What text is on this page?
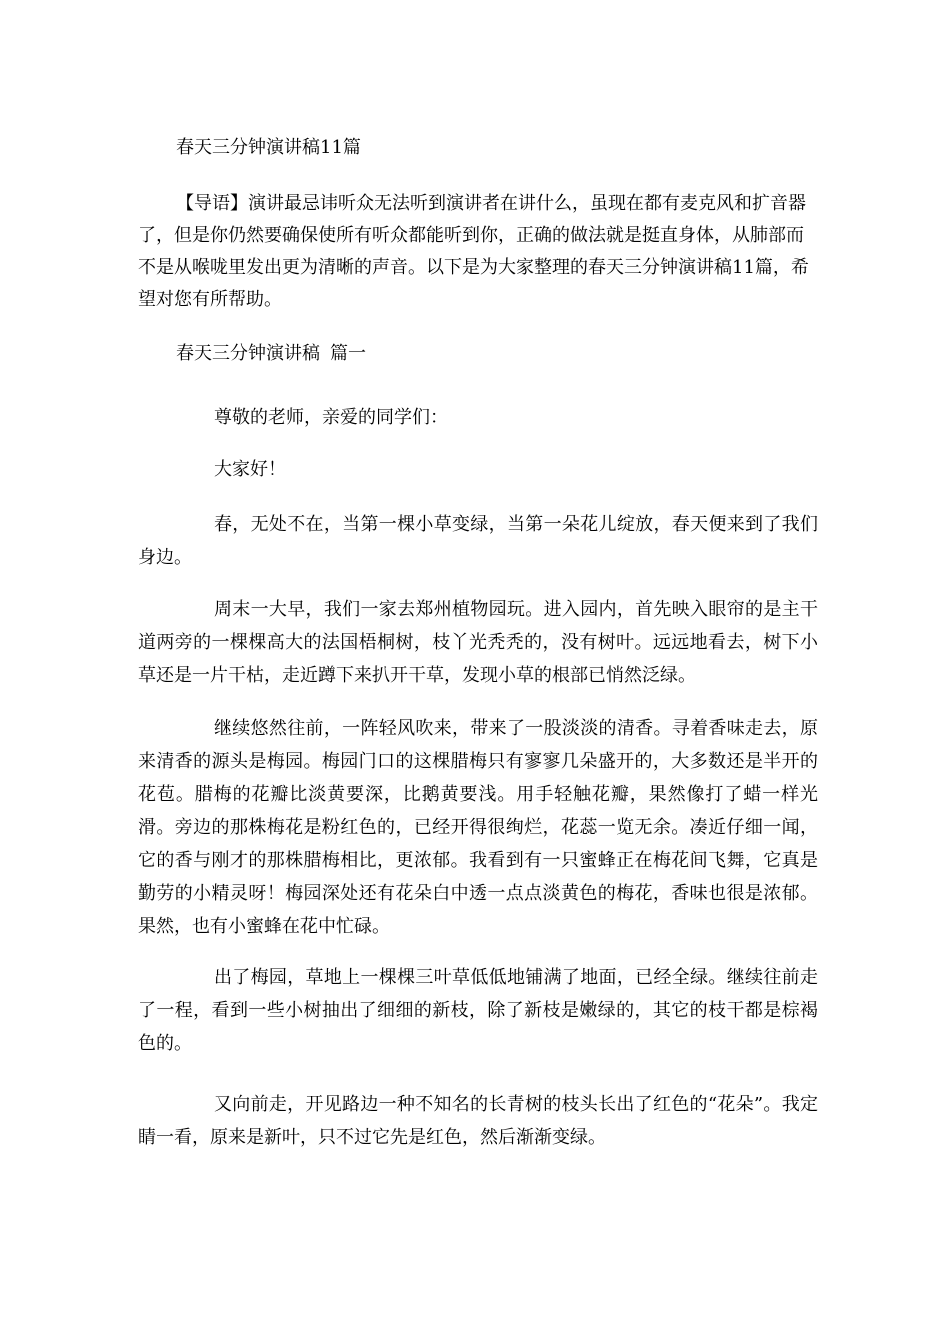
春天三分钟演讲稿11篇
【导语】演讲最忌讳听众无法听到演讲者在讲什么，虽现在都有麦克风和扩音器了，但是你仍然要确保使所有听众都能听到你，正确的做法就是挺直身体，从肺部而不是从喉咙里发出更为清晰的声音。以下是为大家整理的春天三分钟演讲稿11篇，希望对您有所帮助。
春天三分钟演讲稿 篇一
尊敬的老师，亲爱的同学们：
大家好！
春，无处不在，当第一棵小草变绿，当第一朵花儿绽放，春天便来到了我们身边。
周末一大早，我们一家去郑州植物园玩。进入园内，首先映入眼帘的是主干道两旁的一棵棵高大的法国梧桐树，枝丫光秃秃的，没有树叶。远远地看去，树下小草还是一片干枯，走近蹲下来扒开干草，发现小草的根部已悄然泛绿。
继续悠然往前，一阵轻风吹来，带来了一股淡淡的清香。寻着香味走去，原来清香的源头是梅园。梅园门口的这棵腊梅只有寥寥几朵盛开的，大多数还是半开的花苞。腊梅的花瓣比淡黄要深，比鹅黄要浅。用手轻触花瓣，果然像打了蜡一样光滑。旁边的那株梅花是粉红色的，已经开得很绚烂，花蕊一览无余。凑近仔细一闻，它的香与刚才的那株腊梅相比，更浓郁。我看到有一只蜜蜂正在梅花间飞舞，它真是勤劳的小精灵呀！梅园深处还有花朵白中透一点点淡黄色的梅花，香味也很是浓郁。果然，也有小蜜蜂在花中忙碌。
出了梅园，草地上一棵棵三叶草低低地铺满了地面，已经全绿。继续往前走了一程，看到一些小树抽出了细细的新枝，除了新枝是嫩绿的，其它的枝干都是棕褐色的。
又向前走，开见路边一种不知名的长青树的枝头长出了红色的“花朵”。我定睛一看，原来是新叶，只不过它先是红色，然后渐渐变绿。
